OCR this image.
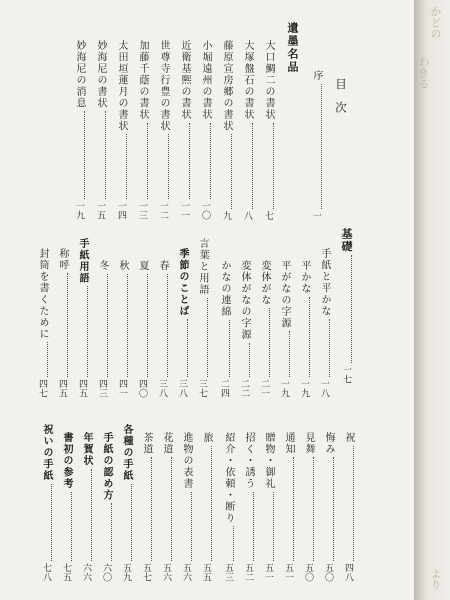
目次
序
一
遺墨名品
大口鯛二の書状
七
大塚盤石の書状
八
藤原宣房郷の書状
九
小堀遠州の書状
一〇
近衛基熈の書状
一一
世尊寺行豊の書状
一二
加藤千蔭の書状
一三
太田垣蓮月の書状
一四
妙海尼の書状
一五
妙海尼の消息
一九
基礎
一七
手紙と平かな
一八
平かな
一九
平がなの字源
一九
変体がな
二一
変体がなの字源
二二
かなの連綿
二四
言葉と用語
三七
季節のことば
三八
春
三八
夏
四〇
秋
四一
冬
四三
手紙用語
四五
称呼
四五
封筒を書くために
四七
祝
四八
悔み
五〇
見舞
五〇
通知
五一
贈物・御礼
五一
招く・誘う
五二
紹介・依頼・断り
五三
旅
五五
進物の表書
五六
花道
五六
茶道
五七
各種の手紙
五九
手紙の認め方
六〇
年賀状
六六
書初の参考
七五
祝いの手紙
七八
かどの
わきる
より
